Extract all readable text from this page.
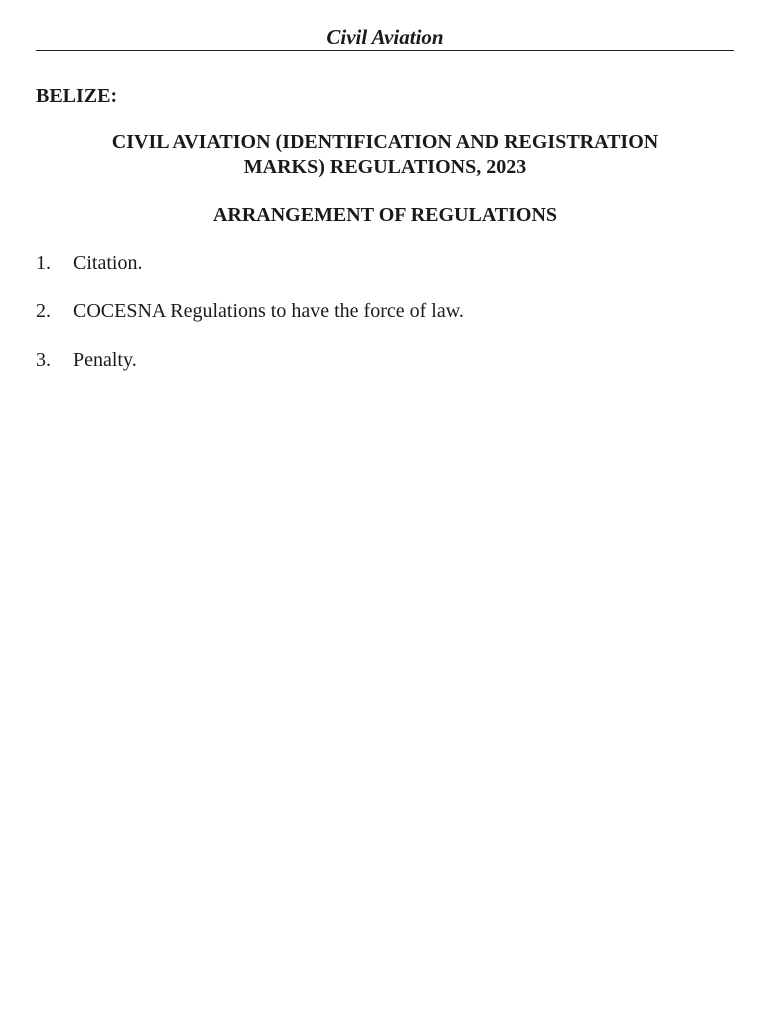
Civil Aviation
BELIZE:
CIVIL AVIATION (IDENTIFICATION AND REGISTRATION
MARKS) REGULATIONS, 2023
ARRANGEMENT OF REGULATIONS
1. Citation.
2. COCESNA Regulations to have the force of law.
3. Penalty.
